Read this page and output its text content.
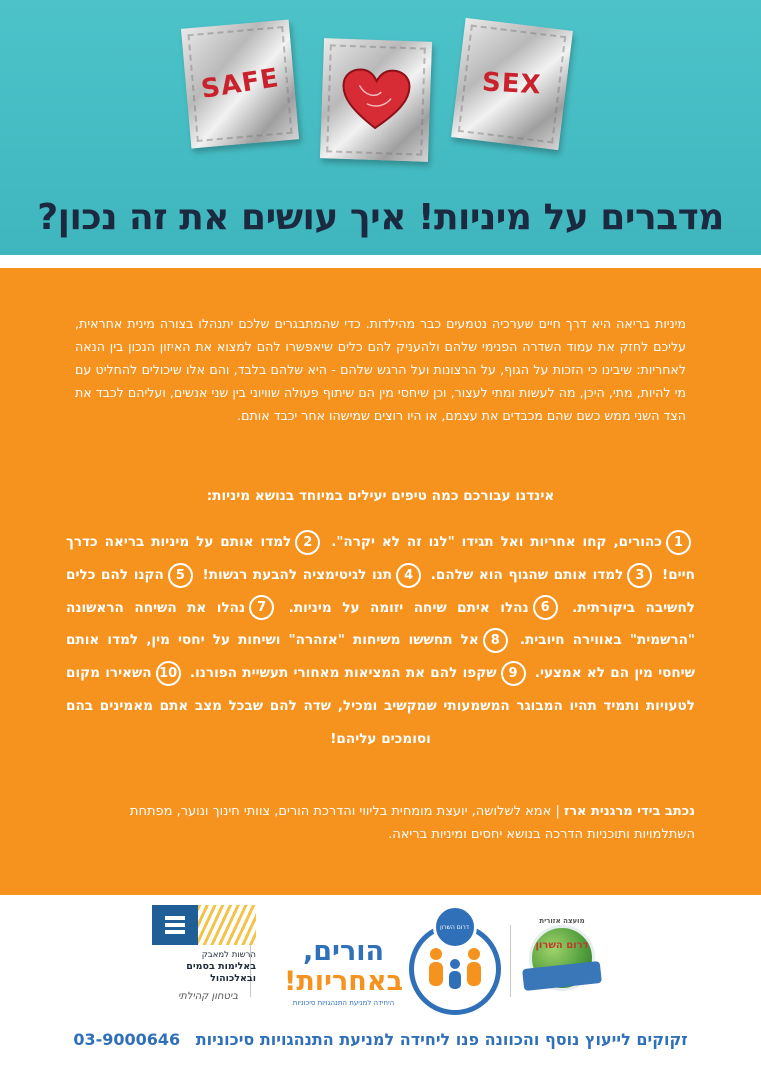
SAFE	SEX
מדברים על מיניות! איך עושים את זה נכון?

מיניות בריאה היא דרך חיים שערכיה נטמעים כבר מהילדות. כדי שהמתבגרים שלכם יתנהלו בצורה מינית אחראית, עליכם לחזק את עמוד השדרה הפנימי שלהם ולהעניק להם כלים שיאפשרו להם למצוא את האיזון הנכון בין הנאה לאחריות: שיבינו כי הזכות על הגוף, על הרצונות ועל הרגש שלהם - היא שלהם בלבד, והם אלו שיכולים להחליט עם מי להיות, מתי, היכן, מה לעשות ומתי לעצור, וכן שיחסי מין הם שיתוף פעולה שוויוני בין שני אנשים, ועליהם לכבד את הצד השני ממש כשם שהם מכבדים את עצמם, או היו רוצים שמישהו אחר יכבד אותם.

אינדנו עבורכם כמה טיפים יעילים במיוחד בנושא מיניות:
1כהורים, קחו אחריות ואל תגידו "לנו זה לא יקרה". 2למדו אותם על מיניות בריאה כדרך חיים! 3למדו אותם שהגוף הוא שלהם. 4תנו לגיטימציה להבעת רגשות! 5הקנו להם כלים לחשיבה ביקורתית. 6נהלו איתם שיחה יזומה על מיניות. 7נהלו את השיחה הראשונה "הרשמית" באווירה חיובית. 8אל תחששו משיחות "אזהרה" ושיחות על יחסי מין, למדו אותם שיחסי מין הם לא אמצעי. 9שקפו להם את המציאות מאחורי תעשיית הפורנו. 10השאירו מקום לטעויות ותמיד תהיו המבוגר המשמעותי שמקשיב ומכיל, שדה להם שבכל מצב אתם מאמינים בהם וסומכים עליהם!

נכתב בידי מרגנית ארז | אמא לשלושה, יועצת מומחית בליווי והדרכת הורים, צוותי חינוך ונוער, מפתחת השתלמויות ותוכניות הדרכה בנושא יחסים ומיניות בריאה.

מועצה אזורית
דרום השרון
דרום השרון
הורים,
באחריות!
היחידה למניעת התנהגויות סיכוניות
הרשות למאבק
באלימות בסמים
ובאלכוהול
ביטחון קהילתי
זקוקים לייעוץ נוסף והכוונה פנו ליחידה למניעת התנהגויות סיכוניות 03-9000646
